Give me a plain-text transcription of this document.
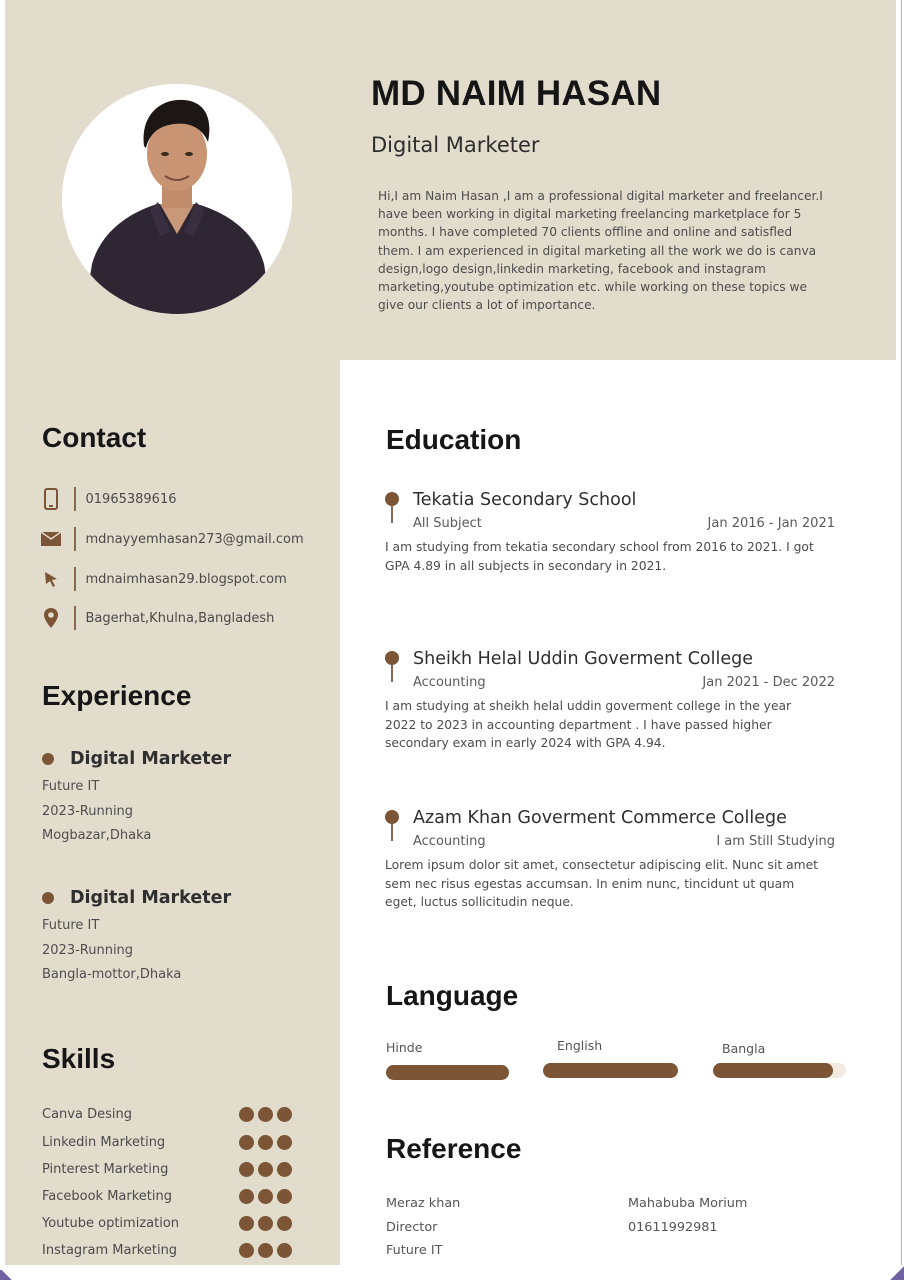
MD NAIM HASAN
Digital Marketer
Hi,I am Naim Hasan ,I am a professional digital marketer and freelancer.I have been working in digital marketing freelancing marketplace for 5 months. I have completed 70 clients offline and online and satisfled them. I am experienced in digital marketing all the work we do is canva design,logo design,linkedin marketing, facebook and instagram marketing,youtube optimization etc. while working on these topics we give our clients a lot of importance.
Contact
01965389616
mdnayyemhasan273@gmail.com
mdnaimhasan29.blogspot.com
Bagerhat,Khulna,Bangladesh
Experience
Digital Marketer
Future IT
2023-Running
Mogbazar,Dhaka
Digital Marketer
Future IT
2023-Running
Bangla-mottor,Dhaka
Skills
Canva Desing
Linkedin Marketing
Pinterest Marketing
Facebook Marketing
Youtube optimization
Instagram Marketing
Education
Tekatia Secondary School
All Subject	Jan 2016 - Jan 2021
I am studying from tekatia secondary school from 2016 to 2021. I got GPA 4.89 in all subjects in secondary in 2021.
Sheikh Helal Uddin Goverment College
Accounting	Jan 2021 - Dec 2022
I am studying at sheikh helal uddin goverment college in the year 2022 to 2023 in accounting department . I have passed higher secondary exam in early 2024 with GPA 4.94.
Azam Khan Goverment Commerce College
Accounting	I am Still Studying
Lorem ipsum dolor sit amet, consectetur adipiscing elit. Nunc sit amet sem nec risus egestas accumsan. In enim nunc, tincidunt ut quam eget, luctus sollicitudin neque.
Language
Hinde	English	Bangla
Reference
Meraz khan
Director
Future IT
Mahabuba Morium
01611992981
